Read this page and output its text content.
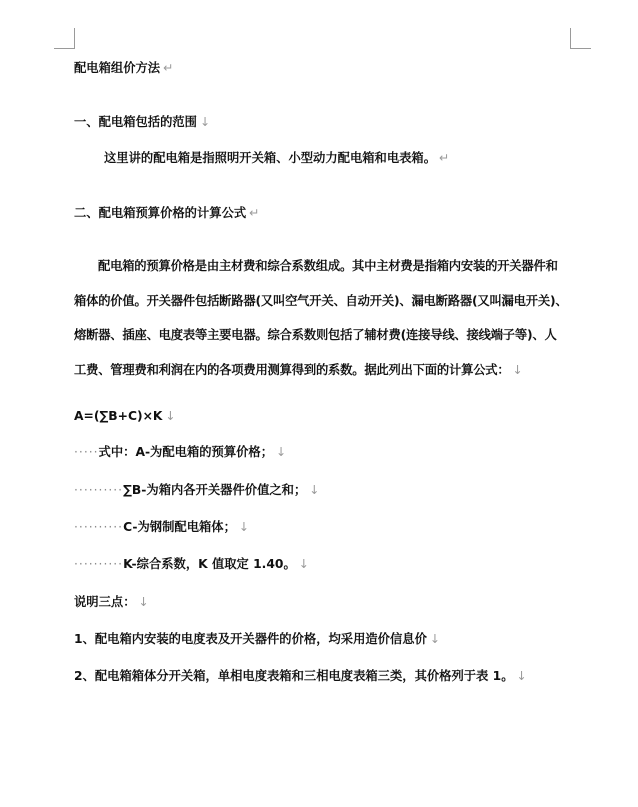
配电箱组价方法 ↵
一、配电箱包括的范围 ↓
这里讲的配电箱是指照明开关箱、小型动力配电箱和电表箱。 ↵
二、配电箱预算价格的计算公式 ↵
配电箱的预算价格是由主材费和综合系数组成。其中主材费是指箱内安装的开关器件和
箱体的价值。开关器件包括断路器(又叫空气开关、自动开关)、漏电断路器(又叫漏电开关)、
熔断器、插座、电度表等主要电器。综合系数则包括了辅材费(连接导线、接线端子等)、人
工费、管理费和利润在内的各项费用测算得到的系数。据此列出下面的计算公式： ↓
A=(∑B+C)×K ↓
·····式中：A-为配电箱的预算价格； ↓
··········∑B-为箱内各开关器件价值之和； ↓
··········C-为钢制配电箱体； ↓
··········K-综合系数，K 值取定 1.40。 ↓
说明三点： ↓
1、配电箱内安装的电度表及开关器件的价格，均采用造价信息价 ↓
2、配电箱箱体分开关箱，单相电度表箱和三相电度表箱三类，其价格列于表 1。 ↓
